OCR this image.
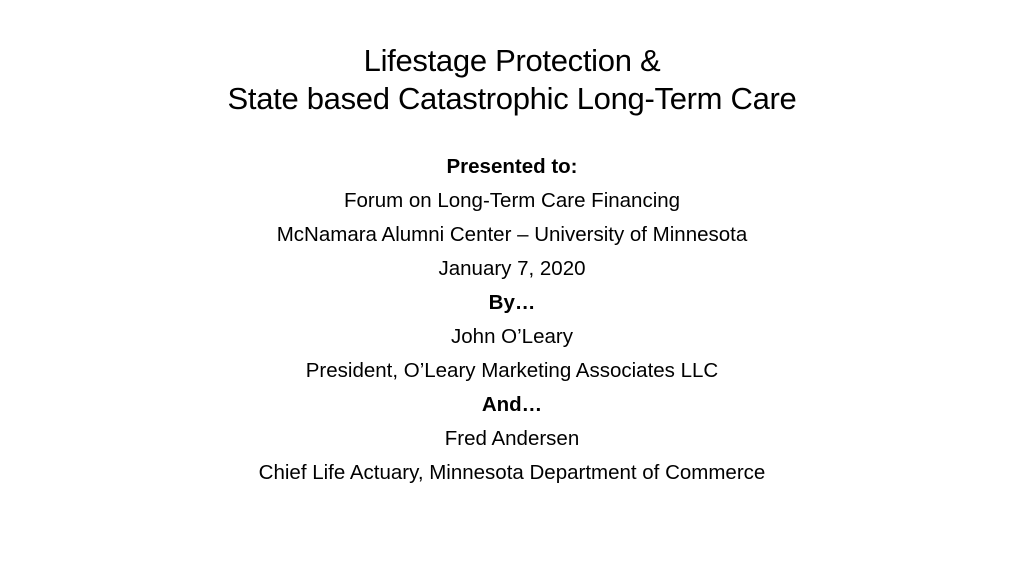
Lifestage Protection &
State based Catastrophic Long-Term Care
Presented to:
Forum on Long-Term Care Financing
McNamara Alumni Center – University of Minnesota
January 7, 2020
By…
John O’Leary
President, O’Leary Marketing Associates LLC
And…
Fred Andersen
Chief Life Actuary, Minnesota Department of Commerce
